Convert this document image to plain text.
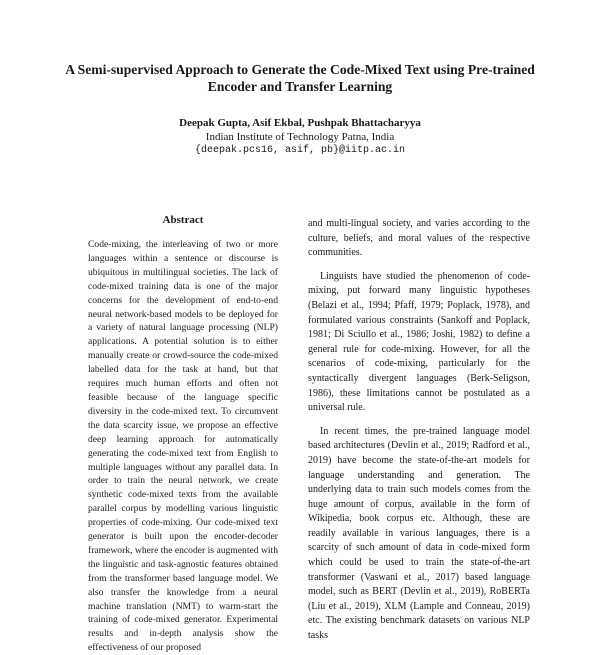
A Semi-supervised Approach to Generate the Code-Mixed Text using Pre-trained Encoder and Transfer Learning
Deepak Gupta, Asif Ekbal, Pushpak Bhattacharyya
Indian Institute of Technology Patna, India
{deepak.pcs16, asif, pb}@iitp.ac.in
Abstract
Code-mixing, the interleaving of two or more languages within a sentence or discourse is ubiquitous in multilingual societies. The lack of code-mixed training data is one of the major concerns for the development of end-to-end neural network-based models to be deployed for a variety of natural language processing (NLP) applications. A potential solution is to either manually create or crowd-source the code-mixed labelled data for the task at hand, but that requires much human efforts and often not feasible because of the language specific diversity in the code-mixed text. To circumvent the data scarcity issue, we propose an effective deep learning approach for automatically generating the code-mixed text from English to multiple languages without any parallel data. In order to train the neural network, we create synthetic code-mixed texts from the available parallel corpus by modelling various linguistic properties of code-mixing. Our code-mixed text generator is built upon the encoder-decoder framework, where the encoder is augmented with the linguistic and task-agnostic features obtained from the transformer based language model. We also transfer the knowledge from a neural machine translation (NMT) to warm-start the training of code-mixed generator. Experimental results and in-depth analysis show the effectiveness of our proposed

and multi-lingual society, and varies according to the culture, beliefs, and moral values of the respective communities.

Linguists have studied the phenomenon of code-mixing, put forward many linguistic hypotheses (Belazi et al., 1994; Pfaff, 1979; Poplack, 1978), and formulated various constraints (Sankoff and Poplack, 1981; Di Sciullo et al., 1986; Joshi, 1982) to define a general rule for code-mixing. However, for all the scenarios of code-mixing, particularly for the syntactically divergent languages (Berk-Seligson, 1986), these limitations cannot be postulated as a universal rule.

In recent times, the pre-trained language model based architectures (Devlin et al., 2019; Radford et al., 2019) have become the state-of-the-art models for language understanding and generation. The underlying data to train such models comes from the huge amount of corpus, available in the form of Wikipedia, book corpus etc. Although, these are readily available in various languages, there is a scarcity of such amount of data in code-mixed form which could be used to train the state-of-the-art transformer (Vaswani et al., 2017) based language model, such as BERT (Devlin et al., 2019), RoBERTa (Liu et al., 2019), XLM (Lample and Conneau, 2019) etc. The existing benchmark datasets on various NLP tasks
